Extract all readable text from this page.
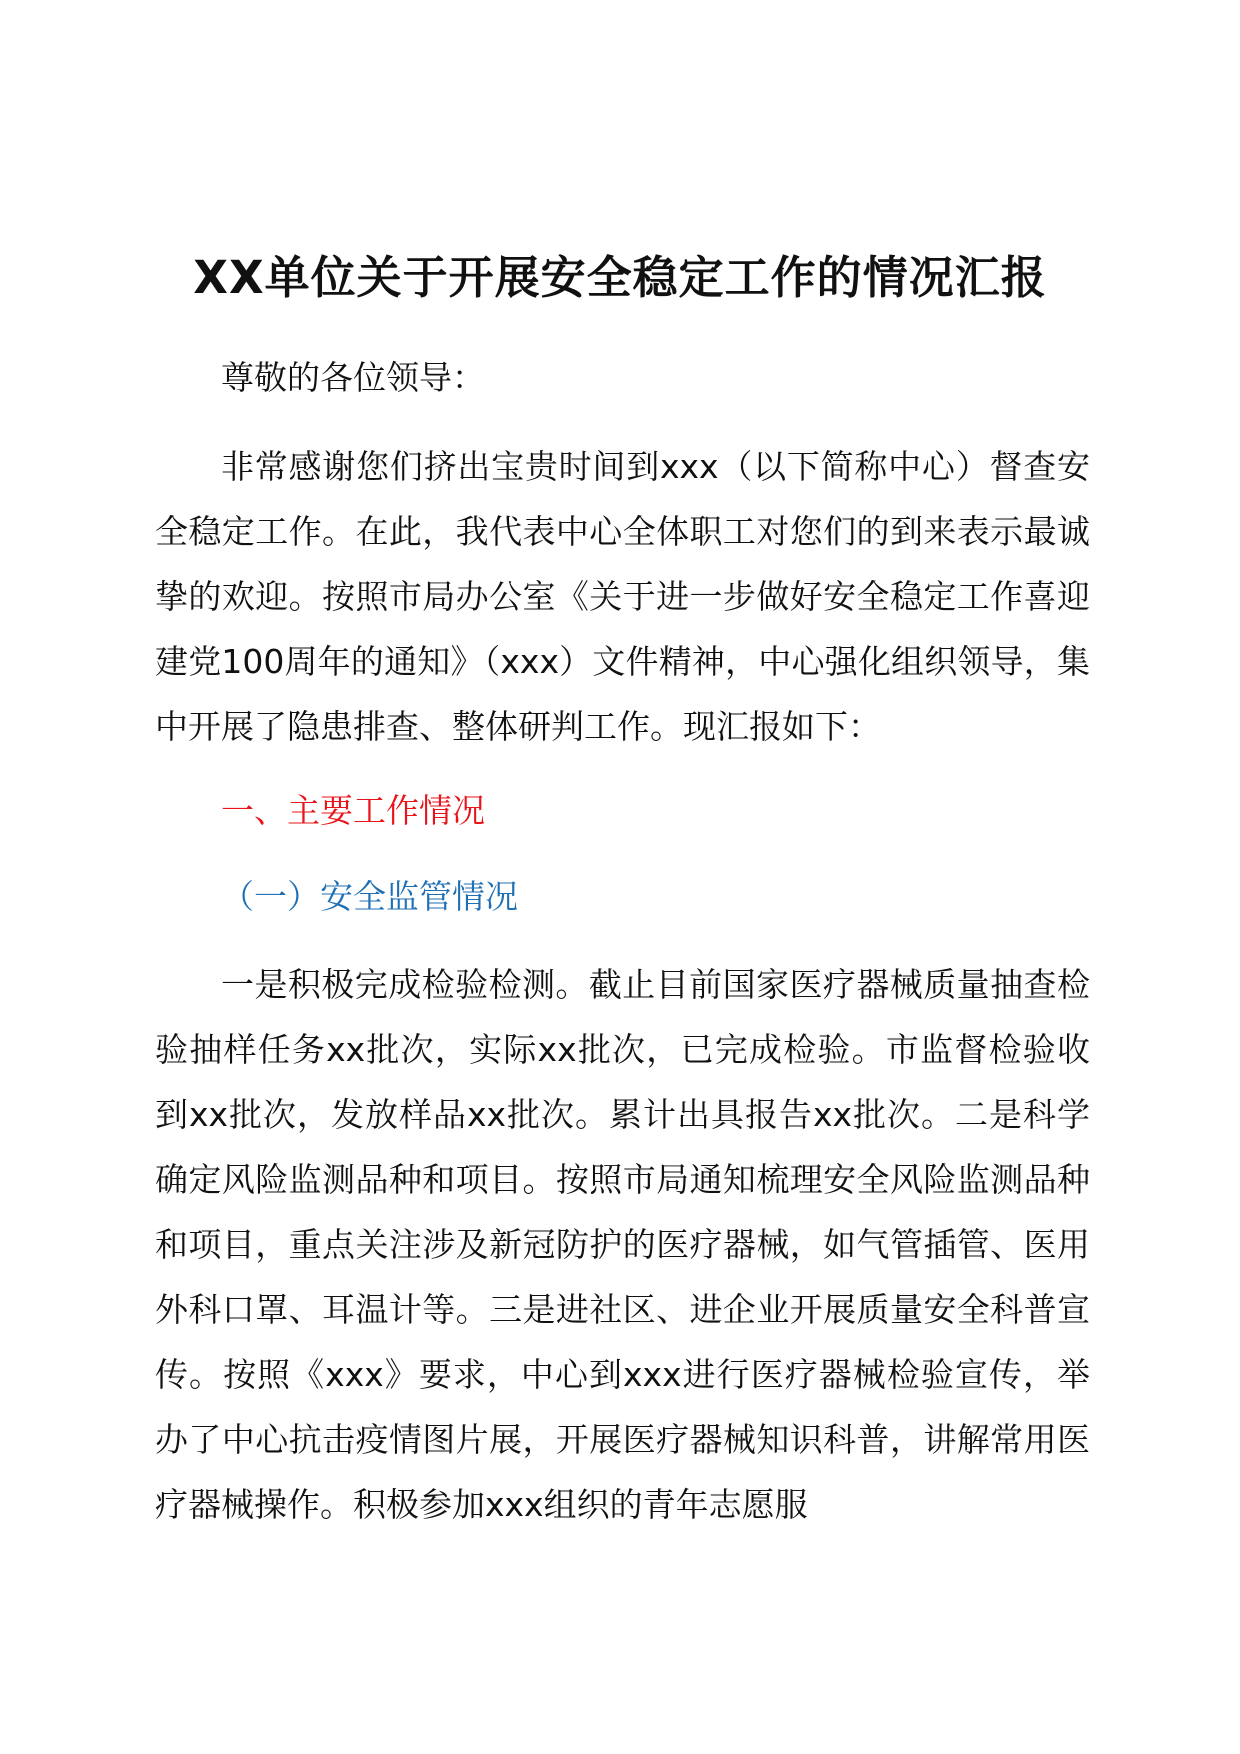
XX单位关于开展安全稳定工作的情况汇报
尊敬的各位领导：
非常感谢您们挤出宝贵时间到xxx（以下简称中心）督查安全稳定工作。在此，我代表中心全体职工对您们的到来表示最诚挚的欢迎。按照市局办公室《关于进一步做好安全稳定工作喜迎建党100周年的通知》（xxx）文件精神，中心强化组织领导，集中开展了隐患排查、整体研判工作。现汇报如下：
一、主要工作情况
（一）安全监管情况
一是积极完成检验检测。截止目前国家医疗器械质量抽查检验抽样任务xx批次，实际xx批次，已完成检验。市监督检验收到xx批次，发放样品xx批次。累计出具报告xx批次。二是科学确定风险监测品种和项目。按照市局通知梳理安全风险监测品种和项目，重点关注涉及新冠防护的医疗器械，如气管插管、医用外科口罩、耳温计等。三是进社区、进企业开展质量安全科普宣传。按照《xxx》要求，中心到xxx进行医疗器械检验宣传，举办了中心抗击疫情图片展，开展医疗器械知识科普，讲解常用医疗器械操作。积极参加xxx组织的青年志愿服
